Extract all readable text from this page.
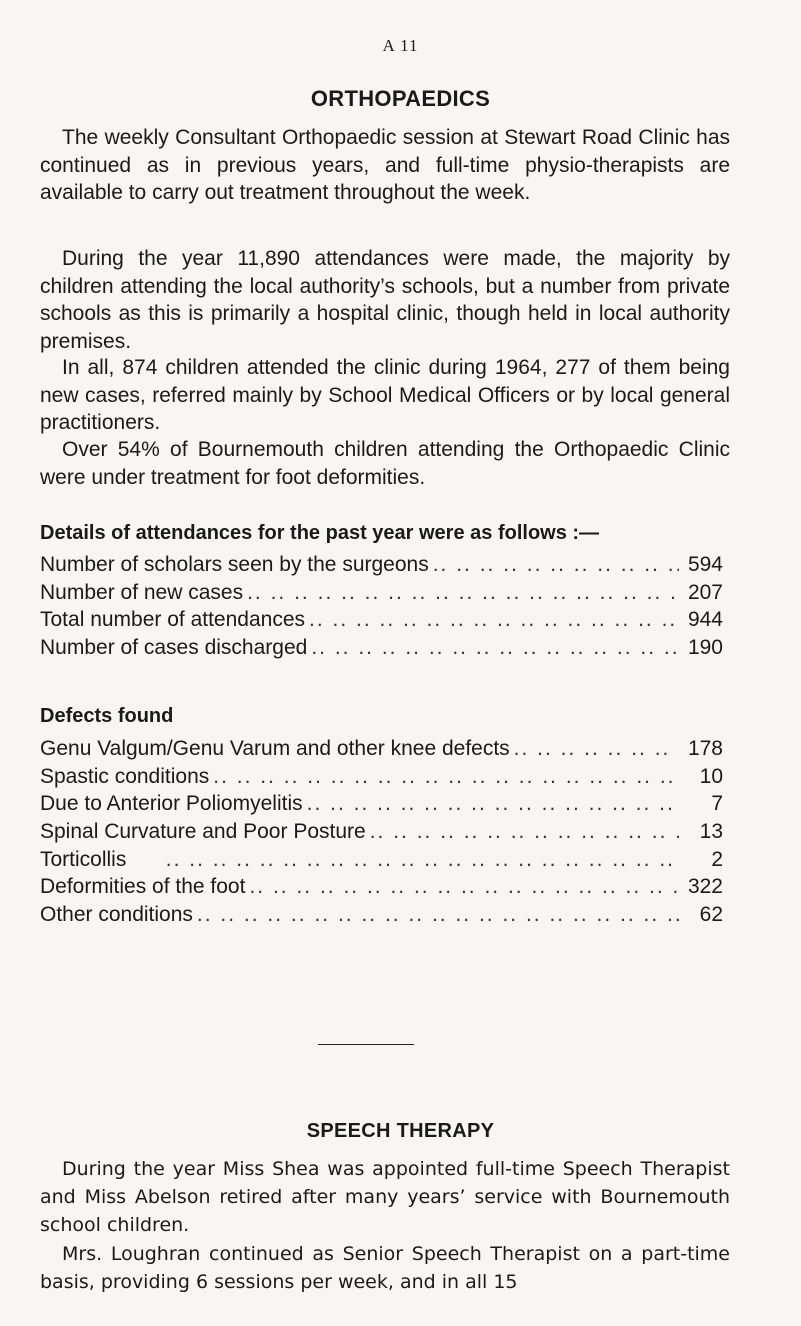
A 11
ORTHOPAEDICS

The weekly Consultant Orthopaedic session at Stewart Road Clinic has continued as in previous years, and full-time physio-therapists are available to carry out treatment throughout the week.

During the year 11,890 attendances were made, the majority by children attending the local authority’s schools, but a number from private schools as this is primarily a hospital clinic, though held in local authority premises.

In all, 874 children attended the clinic during 1964, 277 of them being new cases, referred mainly by School Medical Officers or by local general practitioners.

Over 54% of Bournemouth children attending the Orthopaedic Clinic were under treatment for foot deformities.

Details of attendances for the past year were as follows :—
Number of scholars seen by the surgeons .. ..	594
Number of new cases .. ..	207
Total number of attendances .. ..	944
Number of cases discharged .. ..	190
Defects found
Genu Valgum/Genu Varum and other knee defects .. ..	178
Spastic conditions .. ..	10
Due to Anterior Poliomyelitis .. ..	7
Spinal Curvature and Poor Posture .. ..	13
Torticollis .. ..	2
Deformities of the foot .. ..	322
Other conditions .. ..	62
SPEECH THERAPY

During the year Miss Shea was appointed full-time Speech Therapist and Miss Abelson retired after many years’ service with Bournemouth school children.

Mrs. Loughran continued as Senior Speech Therapist on a part-time basis, providing 6 sessions per week, and in all 15
